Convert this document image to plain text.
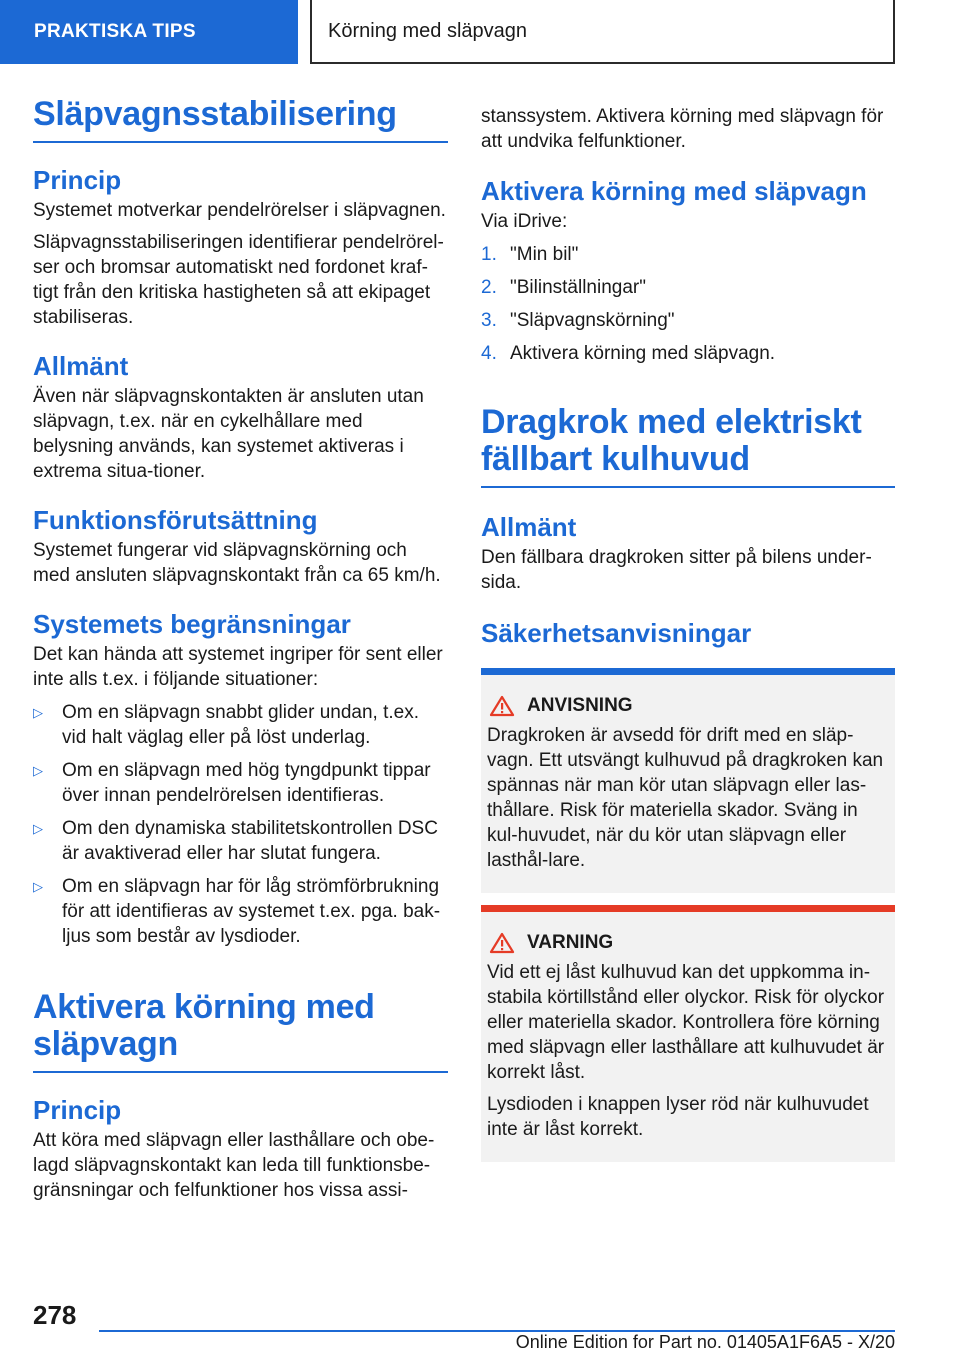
PRAKTISKA TIPS	Körning med släpvagn
Släpvagnsstabilisering
Princip

Systemet motverkar pendelrörelser i släpvagnen.

Släpvagnsstabiliseringen identifierar pendelrörel-ser och bromsar automatiskt ned fordonet kraf-tigt från den kritiska hastigheten så att ekipaget stabiliseras.

Allmänt

Även när släpvagnskontakten är ansluten utan släpvagn, t.ex. när en cykelhållare med belysning används, kan systemet aktiveras i extrema situa-tioner.

Funktionsförutsättning

Systemet fungerar vid släpvagnskörning och med ansluten släpvagnskontakt från ca 65 km/h.

Systemets begränsningar

Det kan hända att systemet ingriper för sent eller inte alls t.ex. i följande situationer:

▷	Om en släpvagn snabbt glider undan, t.ex. vid halt väglag eller på löst underlag.
▷	Om en släpvagn med hög tyngdpunkt tippar över innan pendelrörelsen identifieras.
▷	Om den dynamiska stabilitetskontrollen DSC är avaktiverad eller har slutat fungera.
▷	Om en släpvagn har för låg strömförbrukning för att identifieras av systemet t.ex. pga. bak-ljus som består av lysdioder.
Aktivera körning med
släpvagn
Princip

Att köra med släpvagn eller lasthållare och obe-lagd släpvagnskontakt kan leda till funktionsbe-gränsningar och felfunktioner hos vissa assi-

stanssystem. Aktivera körning med släpvagn för att undvika felfunktioner.

Aktivera körning med släpvagn

Via iDrive:

1. "Min bil"
2. "Bilinställningar"
3. "Släpvagnskörning"
4. Aktivera körning med släpvagn.
Dragkrok med elektriskt
fällbart kulhuvud
Allmänt

Den fällbara dragkroken sitter på bilens under-sida.

Säkerhetsanvisningar
ANVISNING

Dragkroken är avsedd för drift med en släp-vagn. Ett utsvängt kulhuvud på dragkroken kan spännas när man kör utan släpvagn eller las-thållare. Risk för materiella skador. Sväng in kul-huvudet, när du kör utan släpvagn eller lasthål-lare.

VARNING

Vid ett ej låst kulhuvud kan det uppkomma in-stabila körtillstånd eller olyckor. Risk för olyckor eller materiella skador. Kontrollera före körning med släpvagn eller lasthållare att kulhuvudet är korrekt låst.

Lysdioden i knappen lyser röd när kulhuvudet inte är låst korrekt.

278
Online Edition for Part no. 01405A1F6A5 - X/20
